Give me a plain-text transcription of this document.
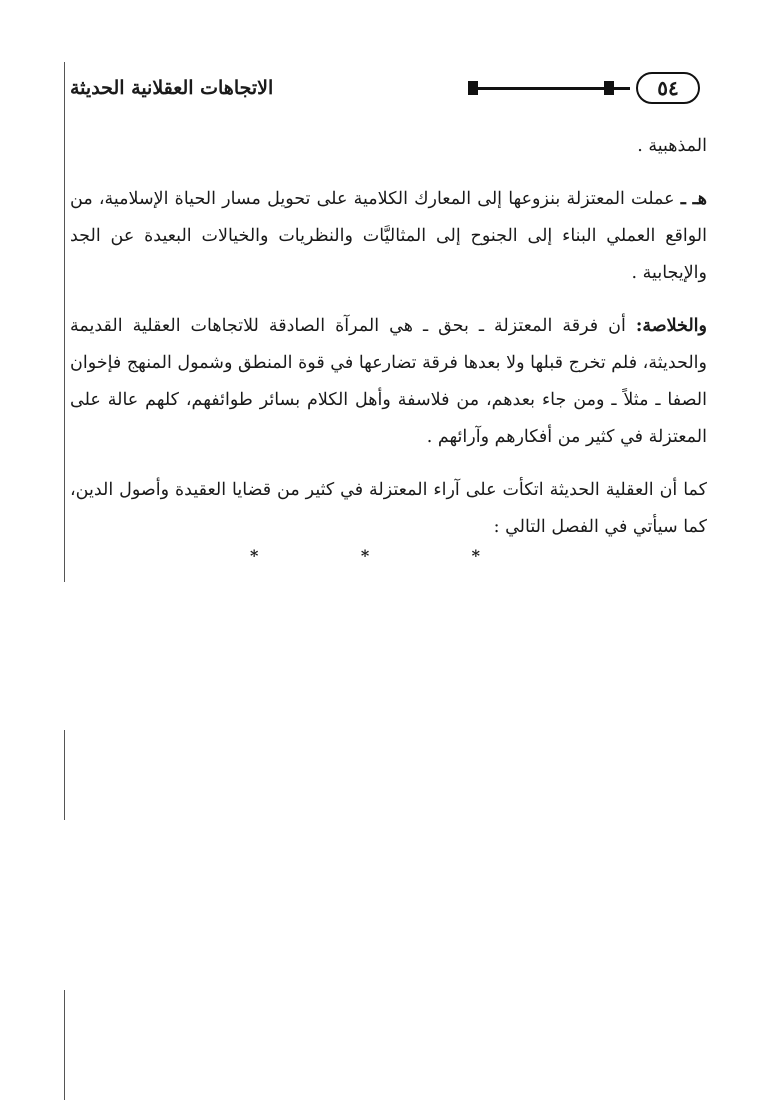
٥٤
الاتجاهات العقلانية الحديثة

المذهبية .

هـ ـ عملت المعتزلة بنزوعها إلى المعارك الكلامية على تحويل مسار الحياة الإسلامية، من الواقع العملي البناء إلى الجنوح إلى المثاليَّات والنظريات والخيالات البعيدة عن الجد والإيجابية .

والخلاصة: أن فرقة المعتزلة ـ بحق ـ هي المرآة الصادقة للاتجاهات العقلية القديمة والحديثة، فلم تخرج قبلها ولا بعدها فرقة تضارعها في قوة المنطق وشمول المنهج فإخوان الصفا ـ مثلاً ـ ومن جاء بعدهم، من فلاسفة وأهل الكلام بسائر طوائفهم، كلهم عالة على المعتزلة في كثير من أفكارهم وآرائهم .

كما أن العقلية الحديثة اتكأت على آراء المعتزلة في كثير من قضايا العقيدة وأصول الدين، كما سيأتي في الفصل التالي :

*
*
*
